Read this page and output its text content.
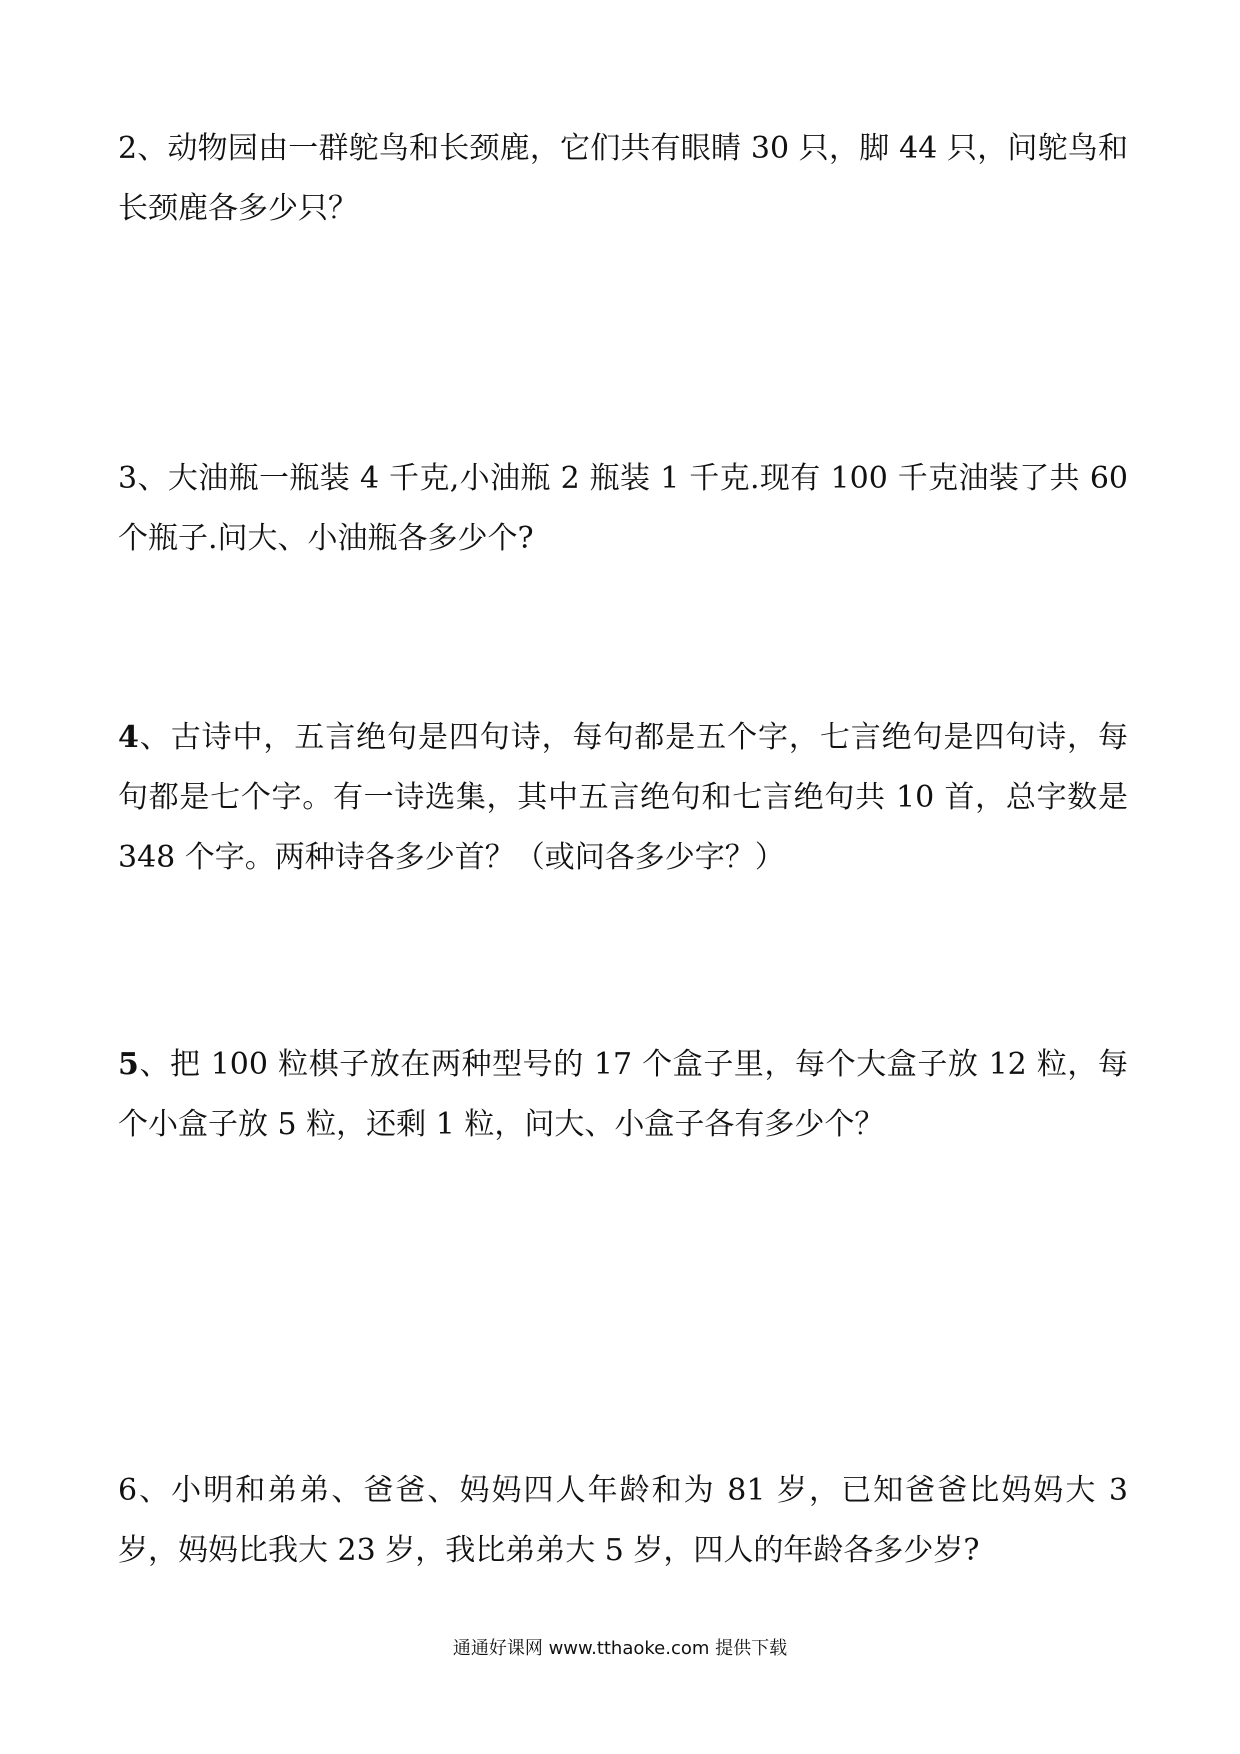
2、动物园由一群鸵鸟和长颈鹿，它们共有眼睛 30 只，脚 44 只，问鸵鸟和长颈鹿各多少只？

3、大油瓶一瓶装 4 千克,小油瓶 2 瓶装 1 千克.现有 100 千克油装了共 60 个瓶子.问大、小油瓶各多少个?

4、古诗中，五言绝句是四句诗，每句都是五个字，七言绝句是四句诗，每句都是七个字。有一诗选集，其中五言绝句和七言绝句共 10 首，总字数是 348 个字。两种诗各多少首？（或问各多少字？）

5、把 100 粒棋子放在两种型号的 17 个盒子里，每个大盒子放 12 粒，每个小盒子放 5 粒，还剩 1 粒，问大、小盒子各有多少个？

6、小明和弟弟、爸爸、妈妈四人年龄和为 81 岁，已知爸爸比妈妈大 3 岁，妈妈比我大 23 岁，我比弟弟大 5 岁，四人的年龄各多少岁?

通通好课网 www.tthaoke.com 提供下载
